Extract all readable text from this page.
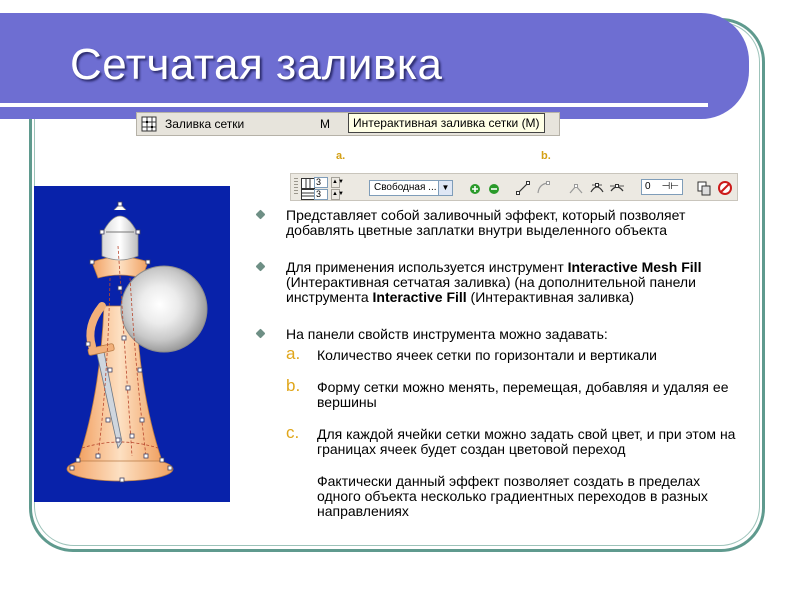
Сетчатая заливка
Заливка сетки	M	Интерактивная заливка сетки (M)
a.	b.
3	▲▼
3	▲▼
Свободная ... ▼	0 ⊣⊢
Представляет собой заливочный эффект, который позволяет добавлять цветные заплатки внутри выделенного объекта
Для применения используется инструмент Interactive Mesh Fill (Интерактивная сетчатая заливка) (на дополнительной панели инструмента Interactive Fill (Интерактивная заливка)
На панели свойств инструмента можно задавать:
a. Количество ячеек сетки по горизонтали и вертикали
b. Форму сетки можно менять, перемещая, добавляя и удаляя ее вершины
c. Для каждой ячейки сетки можно задать свой цвет, и при этом на границах ячеек будет создан цветовой переход
Фактически данный эффект позволяет создать в пределах одного объекта несколько градиентных переходов в разных направлениях
